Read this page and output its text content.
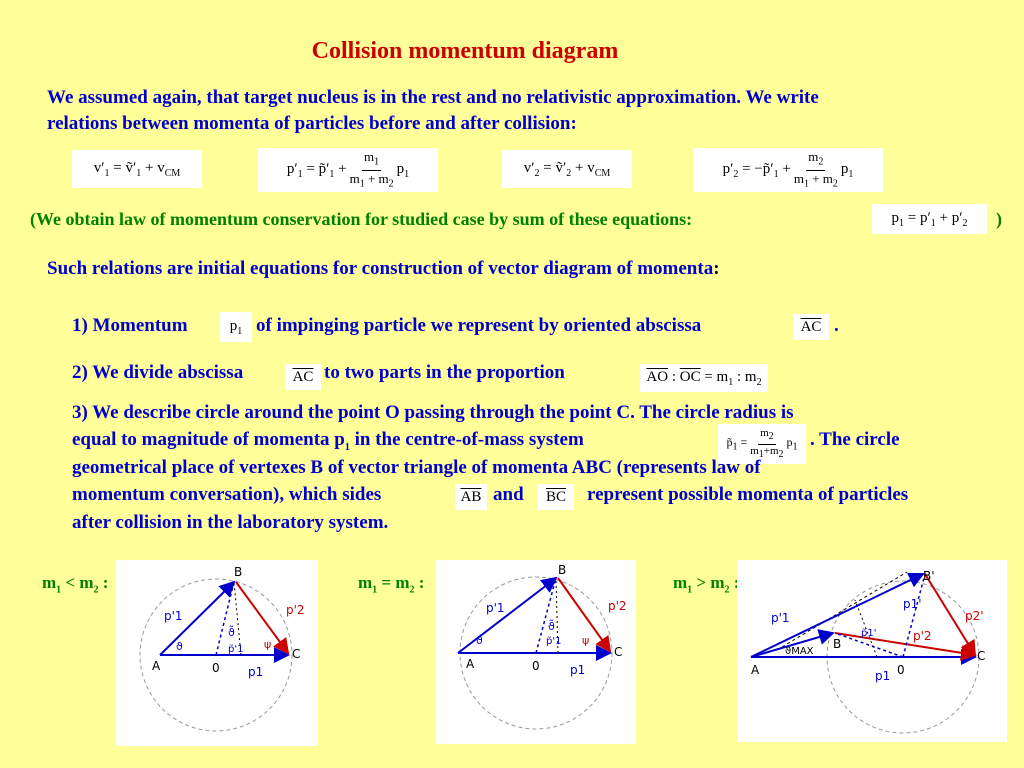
Collision momentum diagram
We assumed again, that target nucleus is in the rest and no relativistic approximation. We write
relations between momenta of particles before and after collision:
$v'_1$ = $ṽ'_1 + v_{CM}$	$p'_1$ = $p̃'_1 + \frac{m_1}{m_1 + m_2} p_1$	$v'_2$ = $ṽ'_2 + v_{CM}$	$p'_2$ = $-p̃'_1 + \frac{m_2}{m_1 + m_2} p_1$
(We obtain law of momentum conservation for studied case by sum of these equations:	$p_1 = p'_1 + p'_2$ )
Such relations are initial equations for construction of vector diagram of momenta:
1) Momentum	$p_1$ of impinging particle we represent by oriented abscissa	$\overline{AC}$ .
2) We divide abscissa	$\overline{AC}$ to two parts in the proportion	$\overline{AO}$ : $\overline{OC} = m_1$ : $m_2$
3) We describe circle around the point O passing through the point C. The circle radius is
equal to magnitude of momenta $p_1$ in the centre-of-mass system	$p̃_1 = \frac{m_2}{m_1+m_2} p_1$ . The circle
geometrical place of vertexes B of vector triangle of momenta ABC (represents law of
momentum conversation), which sides	$\overline{AB}$ and $\overline{BC}$ represent possible momenta of particles
after collision in the laboratory system.
$m_1 < m_2$ :	$m_1 = m_2$ :	$m_1 > m_2$ :
A
B
C
0
p'1	p'2
p1
p̃'1
ϑ
ϑ̃
ψ
A
B
C
0
p'1	p'2
p1
p̃'1
ϑ
ϑ̃
ψ
A
B
B'
C
0
p'1
p1'
p2'
p'2
p1
p̃1'
ϑMAX
